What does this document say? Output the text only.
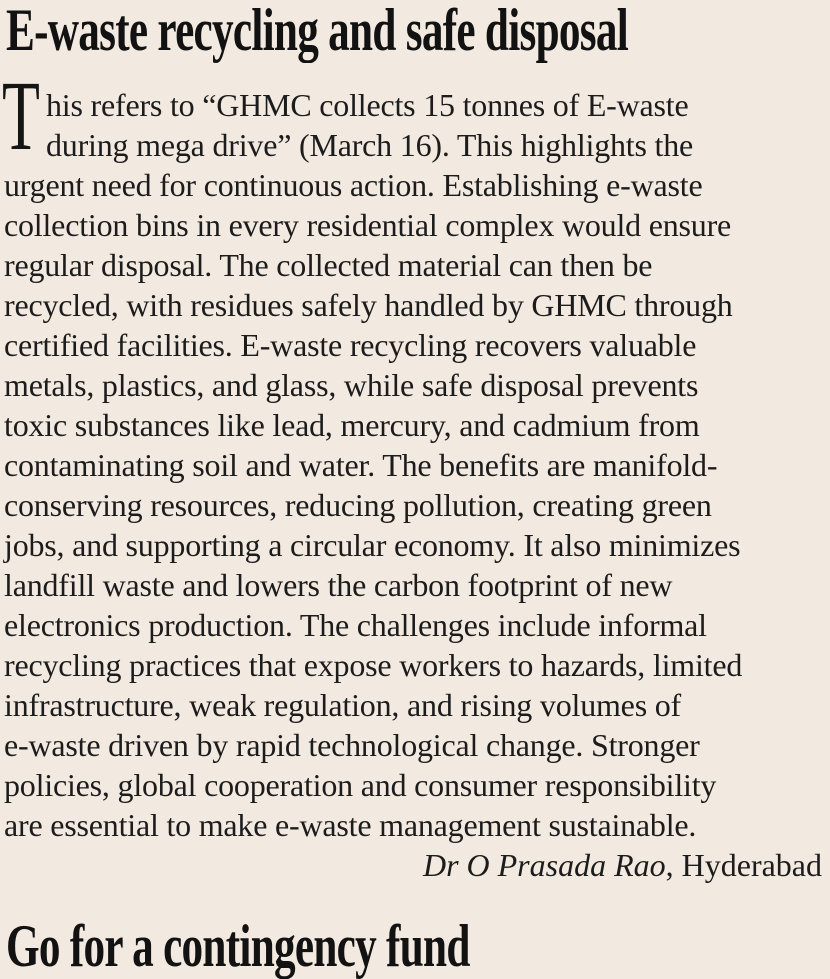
E-waste recycling and safe disposal
T his refers to “GHMC collects 15 tonnes of E-waste
during mega drive” (March 16). This highlights the
urgent need for continuous action. Establishing e-waste
collection bins in every residential complex would ensure
regular disposal. The collected material can then be
recycled, with residues safely handled by GHMC through
certified facilities. E-waste recycling recovers valuable
metals, plastics, and glass, while safe disposal prevents
toxic substances like lead, mercury, and cadmium from
contaminating soil and water. The benefits are manifold-
conserving resources, reducing pollution, creating green
jobs, and supporting a circular economy. It also minimizes
landfill waste and lowers the carbon footprint of new
electronics production. The challenges include informal
recycling practices that expose workers to hazards, limited
infrastructure, weak regulation, and rising volumes of
e-waste driven by rapid technological change. Stronger
policies, global cooperation and consumer responsibility
are essential to make e-waste management sustainable.
Dr O Prasada Rao, Hyderabad
Go for a contingency fund
